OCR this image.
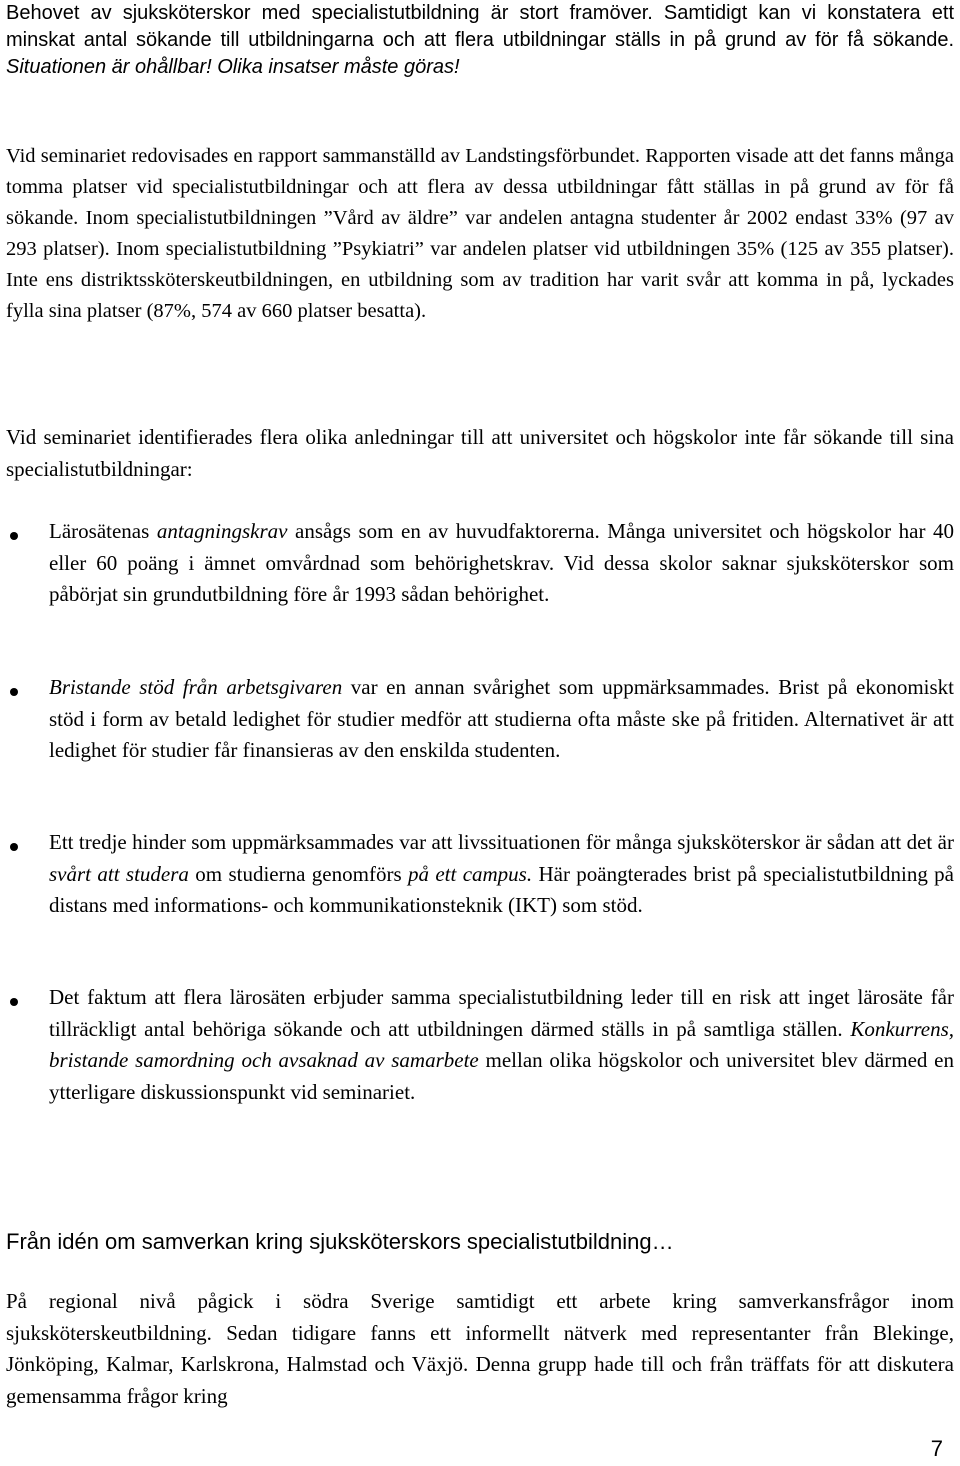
Behovet av sjuksköterskor med specialistutbildning är stort framöver. Samtidigt kan vi konstatera ett minskat antal sökande till utbildningarna och att flera utbildningar ställs in på grund av för få sökande. Situationen är ohållbar! Olika insatser måste göras!

Vid seminariet redovisades en rapport sammanställd av Landstingsförbundet. Rapporten visade att det fanns många tomma platser vid specialistutbildningar och att flera av dessa utbildningar fått ställas in på grund av för få sökande. Inom specialistutbildningen ”Vård av äldre” var andelen antagna studenter år 2002 endast 33% (97 av 293 platser). Inom specialistutbildning ”Psykiatri” var andelen platser vid utbildningen 35% (125 av 355 platser). Inte ens distriktssköterskeutbildningen, en utbildning som av tradition har varit svår att komma in på, lyckades fylla sina platser (87%, 574 av 660 platser besatta).

Vid seminariet identifierades flera olika anledningar till att universitet och högskolor inte får sökande till sina specialistutbildningar:

Lärosätenas antagningskrav ansågs som en av huvudfaktorerna. Många universitet och högskolor har 40 eller 60 poäng i ämnet omvårdnad som behörighetskrav. Vid dessa skolor saknar sjuksköterskor som påbörjat sin grundutbildning före år 1993 sådan behörighet.

Bristande stöd från arbetsgivaren var en annan svårighet som uppmärksammades. Brist på ekonomiskt stöd i form av betald ledighet för studier medför att studierna ofta måste ske på fritiden. Alternativet är att ledighet för studier får finansieras av den enskilda studenten.

Ett tredje hinder som uppmärksammades var att livssituationen för många sjuksköterskor är sådan att det är svårt att studera om studierna genomförs på ett campus. Här poängterades brist på specialistutbildning på distans med informations- och kommunikationsteknik (IKT) som stöd.

Det faktum att flera lärosäten erbjuder samma specialistutbildning leder till en risk att inget lärosäte får tillräckligt antal behöriga sökande och att utbildningen därmed ställs in på samtliga ställen. Konkurrens, bristande samordning och avsaknad av samarbete mellan olika högskolor och universitet blev därmed en ytterligare diskussionspunkt vid seminariet.

Från idén om samverkan kring sjuksköterskors specialistutbildning…

På regional nivå pågick i södra Sverige samtidigt ett arbete kring samverkansfrågor inom sjuksköterskeutbildning. Sedan tidigare fanns ett informellt nätverk med representanter från Blekinge, Jönköping, Kalmar, Karlskrona, Halmstad och Växjö. Denna grupp hade till och från träffats för att diskutera gemensamma frågor kring

7
